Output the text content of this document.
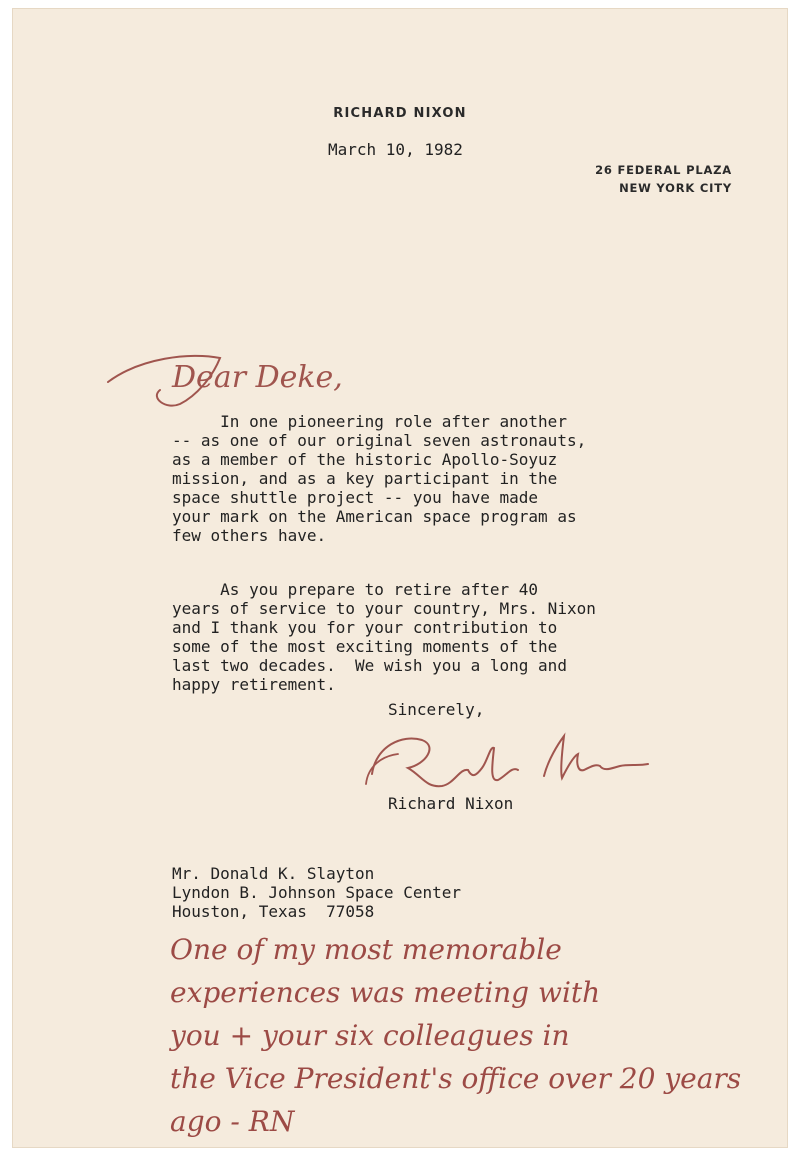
RICHARD NIXON
March 10, 1982
26 FEDERAL PLAZA
NEW YORK CITY
Dear Deke,
In one pioneering role after another
-- as one of our original seven astronauts,
as a member of the historic Apollo-Soyuz
mission, and as a key participant in the
space shuttle project -- you have made
your mark on the American space program as
few others have.
As you prepare to retire after 40
years of service to your country, Mrs. Nixon
and I thank you for your contribution to
some of the most exciting moments of the
last two decades.  We wish you a long and
happy retirement.
Sincerely,
Richard Nixon
Mr. Donald K. Slayton
Lyndon B. Johnson Space Center
Houston, Texas  77058
One of my most memorable
experiences was meeting with
you + your six colleagues in
the Vice President's office over 20 years
ago - RN
